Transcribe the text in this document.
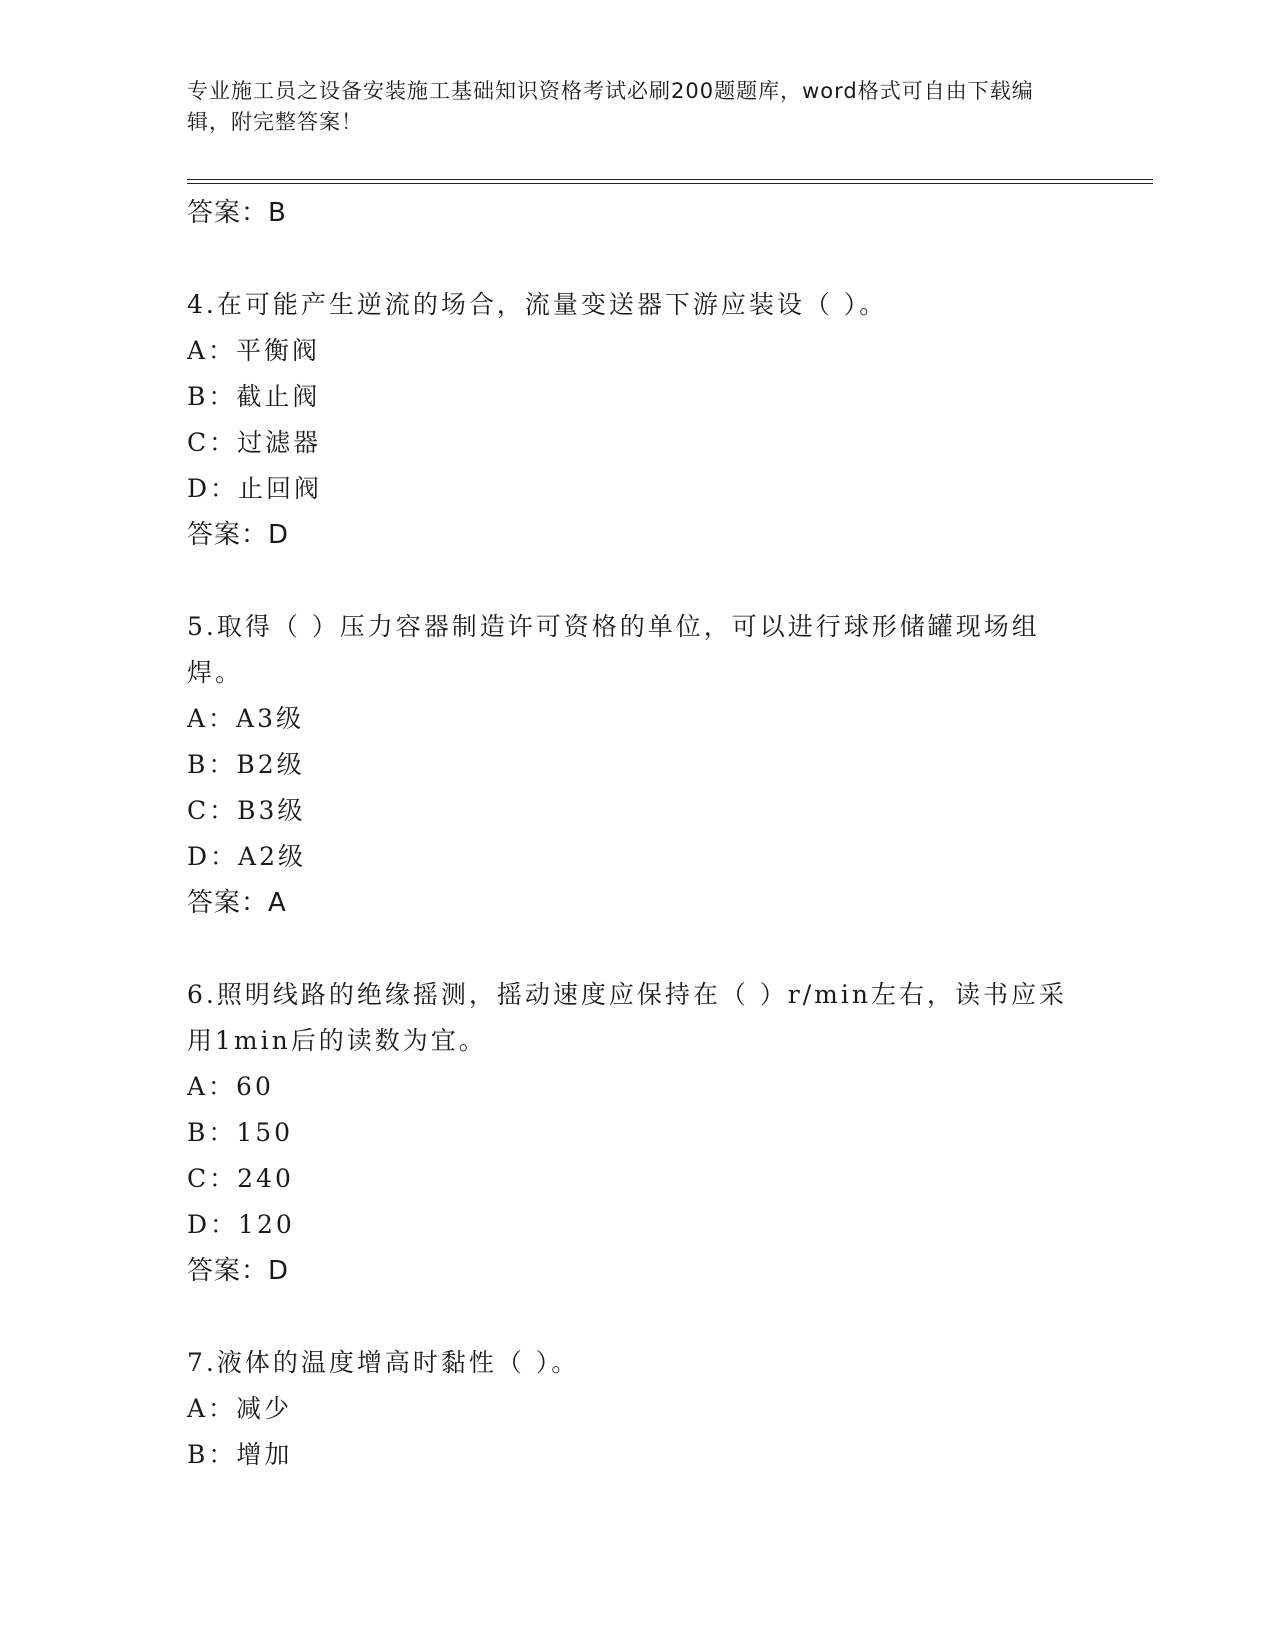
专业施工员之设备安装施工基础知识资格考试必刷200题题库，word格式可自由下载编辑，附完整答案！
答案：B
4.在可能产生逆流的场合，流量变送器下游应装设（ ）。
A：平衡阀
B：截止阀
C：过滤器
D：止回阀
答案：D
5.取得（ ）压力容器制造许可资格的单位，可以进行球形储罐现场组焊。
A：A3级
B：B2级
C：B3级
D：A2级
答案：A
6.照明线路的绝缘摇测，摇动速度应保持在（ ）r/min左右，读书应采用1min后的读数为宜。
A：60
B：150
C：240
D：120
答案：D
7.液体的温度增高时黏性（ ）。
A：减少
B：增加
